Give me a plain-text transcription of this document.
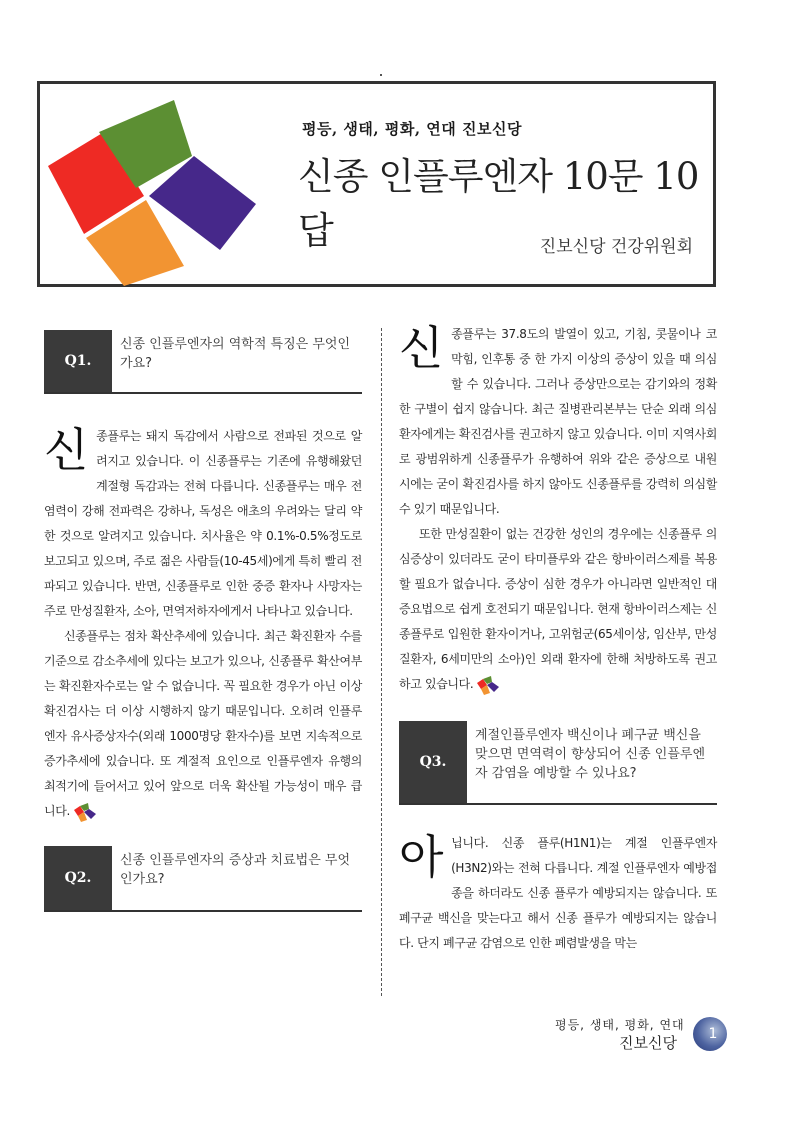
평등, 생태, 평화, 연대 진보신당
신종 인플루엔자 10문 10답	진보신당 건강위원회
Q1.
신종 인플루엔자의 역학적 특징은 무엇인가요?
신종플루는 돼지 독감에서 사람으로 전파된 것으로 알려지고 있습니다. 이 신종플루는 기존에 유행해왔던 계절형 독감과는 전혀 다릅니다. 신종플루는 매우 전염력이 강해 전파력은 강하나, 독성은 애초의 우려와는 달리 약한 것으로 알려지고 있습니다. 치사율은 약 0.1%-0.5%정도로 보고되고 있으며, 주로 젊은 사람들(10-45세)에게 특히 빨리 전파되고 있습니다. 반면, 신종플루로 인한 중증 환자나 사망자는 주로 만성질환자, 소아, 면역저하자에게서 나타나고 있습니다.
신종플루는 점차 확산추세에 있습니다. 최근 확진환자 수를 기준으로 감소추세에 있다는 보고가 있으나, 신종플루 확산여부는 확진환자수로는 알 수 없습니다. 꼭 필요한 경우가 아닌 이상 확진검사는 더 이상 시행하지 않기 때문입니다. 오히려 인플루엔자 유사증상자수(외래 1000명당 환자수)를 보면 지속적으로 증가추세에 있습니다. 또 계절적 요인으로 인플루엔자 유행의 최적기에 들어서고 있어 앞으로 더욱 확산될 가능성이 매우 큽니다.
Q2.
신종 인플루엔자의 증상과 치료법은 무엇인가요?
신종플루는 37.8도의 발열이 있고, 기침, 콧물이나 코막힘, 인후통 중 한 가지 이상의 증상이 있을 때 의심할 수 있습니다. 그러나 증상만으로는 감기와의 정확한 구별이 쉽지 않습니다. 최근 질병관리본부는 단순 외래 의심환자에게는 확진검사를 권고하지 않고 있습니다. 이미 지역사회로 광범위하게 신종플루가 유행하여 위와 같은 증상으로 내원 시에는 굳이 확진검사를 하지 않아도 신종플루를 강력히 의심할 수 있기 때문입니다.
또한 만성질환이 없는 건강한 성인의 경우에는 신종플루 의심증상이 있더라도 굳이 타미플루와 같은 항바이러스제를 복용할 필요가 없습니다. 증상이 심한 경우가 아니라면 일반적인 대증요법으로 쉽게 호전되기 때문입니다. 현재 항바이러스제는 신종플루로 입원한 환자이거나, 고위험군(65세이상, 임산부, 만성질환자, 6세미만의 소아)인 외래 환자에 한해 처방하도록 권고하고 있습니다.
Q3.
계절인플루엔자 백신이나 폐구균 백신을 맞으면 면역력이 향상되어 신종 인플루엔자 감염을 예방할 수 있나요?
아닙니다. 신종 플루(H1N1)는 계절 인플루엔자(H3N2)와는 전혀 다릅니다. 계절 인플루엔자 예방접종을 하더라도 신종 플루가 예방되지는 않습니다. 또 폐구균 백신을 맞는다고 해서 신종 플루가 예방되지는 않습니다. 단지 폐구균 감염으로 인한 폐렴발생을 막는
평등, 생태, 평화, 연대
진보신당	1
